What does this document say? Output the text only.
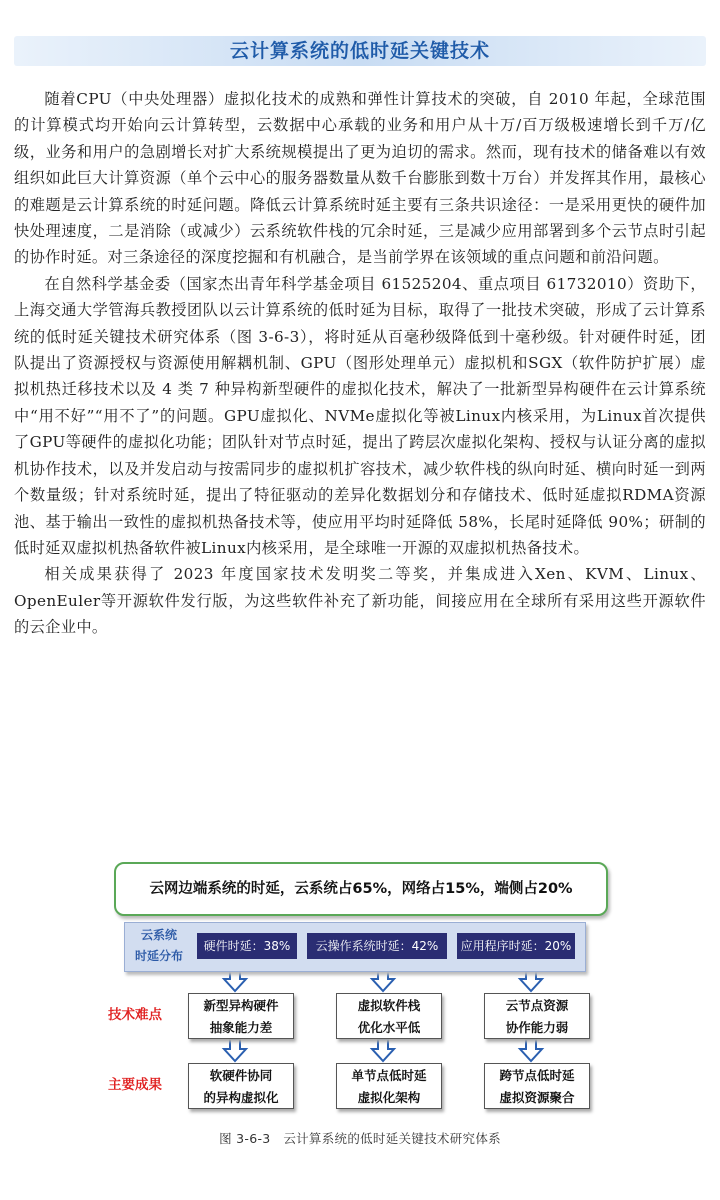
云计算系统的低时延关键技术

随着CPU（中央处理器）虚拟化技术的成熟和弹性计算技术的突破，自 2010 年起，全球范围的计算模式均开始向云计算转型，云数据中心承载的业务和用户从十万/百万级极速增长到千万/亿级，业务和用户的急剧增长对扩大系统规模提出了更为迫切的需求。然而，现有技术的储备难以有效组织如此巨大计算资源（单个云中心的服务器数量从数千台膨胀到数十万台）并发挥其作用，最核心的难题是云计算系统的时延问题。降低云计算系统时延主要有三条共识途径：一是采用更快的硬件加快处理速度，二是消除（或减少）云系统软件栈的冗余时延，三是减少应用部署到多个云节点时引起的协作时延。对三条途径的深度挖掘和有机融合，是当前学界在该领域的重点问题和前沿问题。

在自然科学基金委（国家杰出青年科学基金项目 61525204、重点项目 61732010）资助下，上海交通大学管海兵教授团队以云计算系统的低时延为目标，取得了一批技术突破，形成了云计算系统的低时延关键技术研究体系（图 3-6-3），将时延从百毫秒级降低到十毫秒级。针对硬件时延，团队提出了资源授权与资源使用解耦机制、GPU（图形处理单元）虚拟机和SGX（软件防护扩展）虚拟机热迁移技术以及 4 类 7 种异构新型硬件的虚拟化技术，解决了一批新型异构硬件在云计算系统中“用不好”“用不了”的问题。GPU虚拟化、NVMe虚拟化等被Linux内核采用，为Linux首次提供了GPU等硬件的虚拟化功能；团队针对节点时延，提出了跨层次虚拟化架构、授权与认证分离的虚拟机协作技术，以及并发启动与按需同步的虚拟机扩容技术，减少软件栈的纵向时延、横向时延一到两个数量级；针对系统时延，提出了特征驱动的差异化数据划分和存储技术、低时延虚拟RDMA资源池、基于输出一致性的虚拟机热备技术等，使应用平均时延降低 58%，长尾时延降低 90%；研制的低时延双虚拟机热备软件被Linux内核采用，是全球唯一开源的双虚拟机热备技术。

相关成果获得了 2023 年度国家技术发明奖二等奖，并集成进入Xen、KVM、Linux、OpenEuler等开源软件发行版，为这些软件补充了新功能，间接应用在全球所有采用这些开源软件的云企业中。

云网边端系统的时延，云系统占65%，网络占15%，端侧占20%
云系统
时延分布
硬件时延：38%	云操作系统时延：42%	应用程序时延：20%
技术难点
主要成果
新型异构硬件
抽象能力差
虚拟软件栈
优化水平低
云节点资源
协作能力弱
软硬件协同
的异构虚拟化
单节点低时延
虚拟化架构
跨节点低时延
虚拟资源聚合
图 3-6-3　云计算系统的低时延关键技术研究体系
